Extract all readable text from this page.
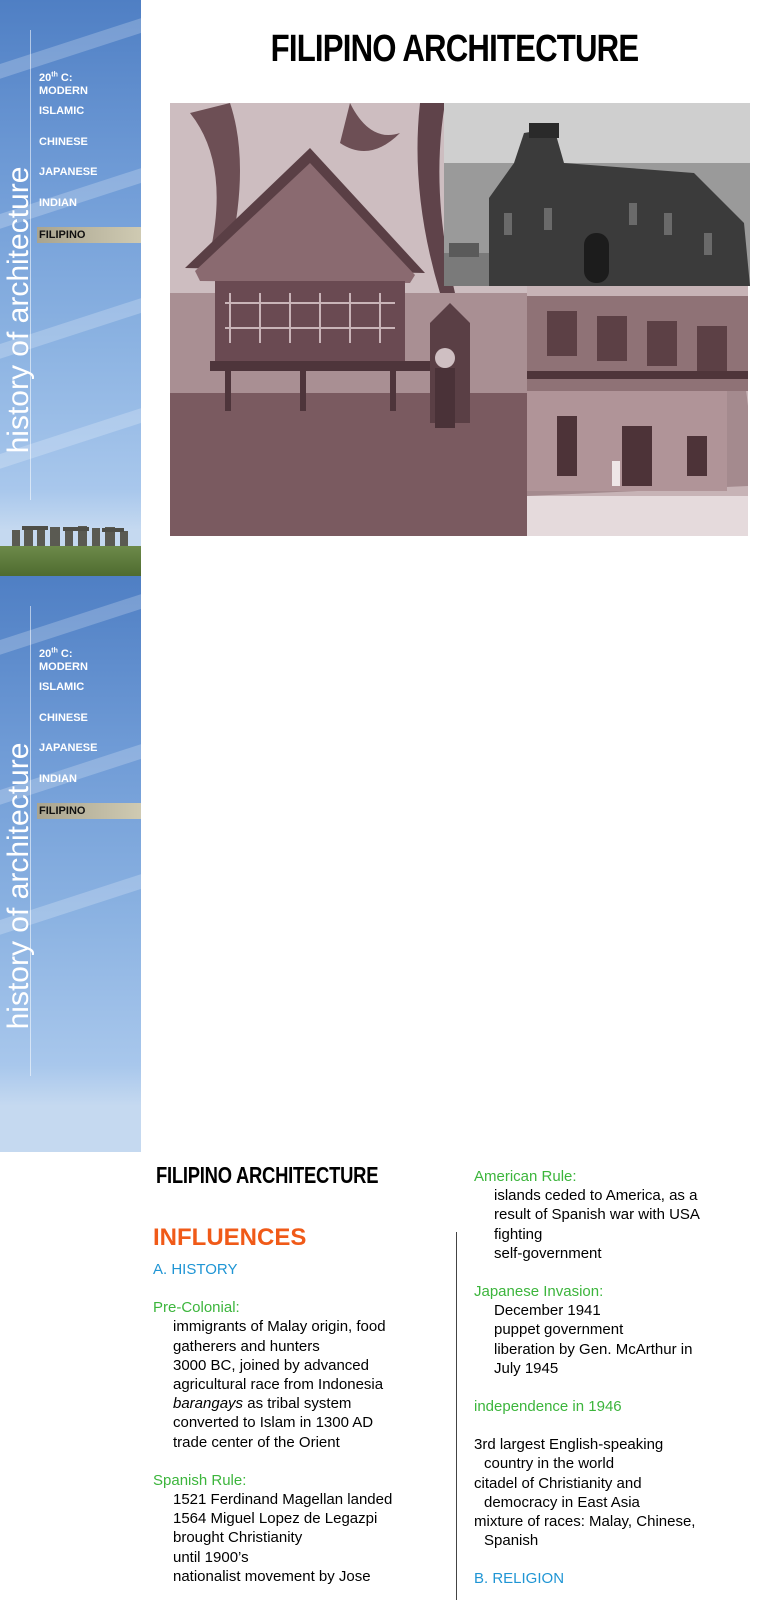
history of architecture
20th C:
MODERN
ISLAMIC
CHINESE
JAPANESE
INDIAN
FILIPINO
FILIPINO ARCHITECTURE
history of architecture
20th C:
MODERN
ISLAMIC
CHINESE
JAPANESE
INDIAN
FILIPINO
FILIPINO ARCHITECTURE
INFLUENCES
A. HISTORY
Pre-Colonial:
immigrants of Malay origin, food
gatherers and hunters
3000 BC, joined by advanced
agricultural race from Indonesia
barangays as tribal system
converted to Islam in 1300 AD
trade center of the Orient
Spanish Rule:
1521 Ferdinand Magellan landed
1564 Miguel Lopez de Legazpi
brought Christianity
until 1900’s
nationalist movement by Jose
American Rule:
islands ceded to America, as a
result of Spanish war with USA
fighting
self-government
Japanese Invasion:
December 1941
puppet government
liberation by Gen. McArthur in
July 1945
independence in 1946
3rd largest English-speaking
country in the world
citadel of Christianity and
democracy in East Asia
mixture of races: Malay, Chinese,
Spanish
B. RELIGION
